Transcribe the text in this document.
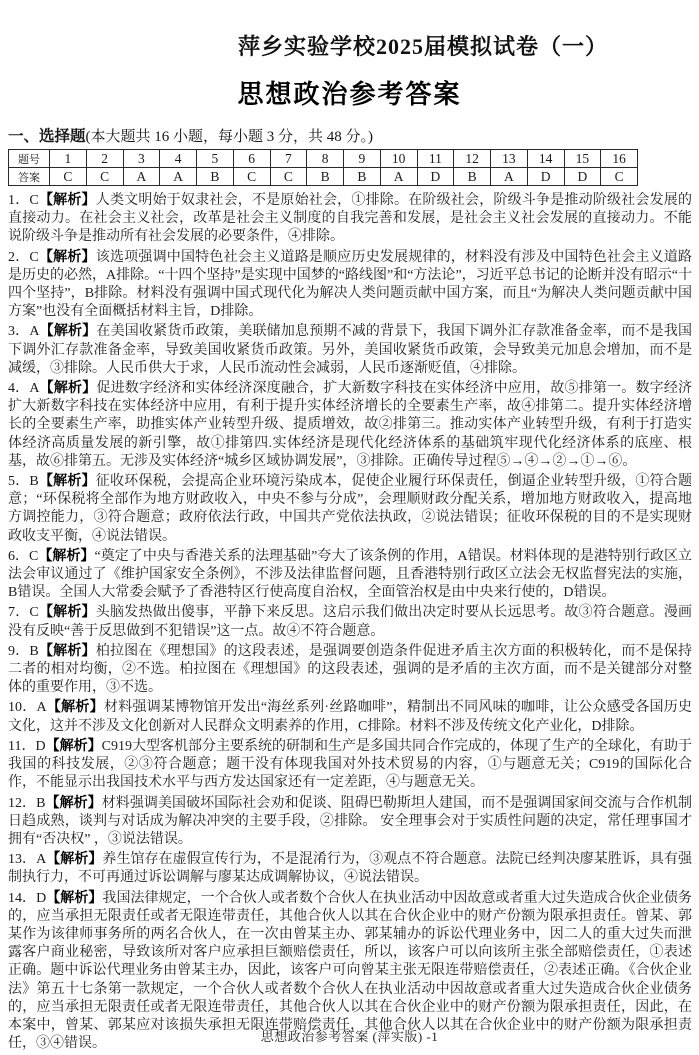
萍乡实验学校2025届模拟试卷（一）
思想政治参考答案
一、选择题(本大题共 16 小题，每小题 3 分，共 48 分。)
题号	1	2	3	4	5	6	7	8	9	10	11	12	13	14	15	16
答案	C	C	A	A	B	C	C	B	B	A	D	B	A	D	D	C

1．C【解析】人类文明始于奴隶社会，不是原始社会，①排除。在阶级社会，阶级斗争是推动阶级社会发展的直接动力。在社会主义社会，改革是社会主义制度的自我完善和发展，是社会主义社会发展的直接动力。不能说阶级斗争是推动所有社会发展的必要条件，④排除。

2．C【解析】该选项强调中国特色社会主义道路是顺应历史发展规律的，材料没有涉及中国特色社会主义道路是历史的必然，A排除。“十四个坚持”是实现中国梦的“路线图”和“方法论”，习近平总书记的论断并没有昭示“十四个坚持”，B排除。材料没有强调中国式现代化为解决人类问题贡献中国方案，而且“为解决人类问题贡献中国方案”也没有全面概括材料主旨，D排除。

3．A【解析】在美国收紧货币政策，美联储加息预期不减的背景下，我国下调外汇存款准备金率，而不是我国下调外汇存款准备金率，导致美国收紧货币政策。另外，美国收紧货币政策，会导致美元加息会增加，而不是减缓，③排除。人民币供大于求，人民币流动性会减弱，人民币逐渐贬值，④排除。

4．A【解析】促进数字经济和实体经济深度融合，扩大新数字科技在实体经济中应用，故⑤排第一。数字经济扩大新数字科技在实体经济中应用，有利于提升实体经济增长的全要素生产率，故④排第二。提升实体经济增长的全要素生产率，助推实体产业转型升级、提质增效，故②排第三。推动实体产业转型升级，有利于打造实体经济高质量发展的新引擎，故①排第四.实体经济是现代化经济体系的基础筑牢现代化经济体系的底座、根基，故⑥排第五。无涉及实体经济“城乡区域协调发展”，③排除。正确传导过程⑤→④→②→①→⑥。

5．B【解析】征收环保税，会提高企业环境污染成本，促使企业履行环保责任，倒逼企业转型升级，①符合题意；“环保税将全部作为地方财政收入，中央不参与分成”，会理顺财政分配关系，增加地方财政收入，提高地方调控能力，③符合题意；政府依法行政，中国共产党依法执政，②说法错误；征收环保税的目的不是实现财政收支平衡，④说法错误。

6．C【解析】“奠定了中央与香港关系的法理基础”夸大了该条例的作用，A错误。材料体现的是港特别行政区立法会审议通过了《维护国家安全条例》，不涉及法律监督问题，且香港特别行政区立法会无权监督宪法的实施，B错误。全国人大常委会赋予了香港特区行使高度自治权，全面管治权是由中央来行使的，D错误。

7．C【解析】头脑发热做出傻事，平静下来反思。这启示我们做出决定时要从长远思考。故③符合题意。漫画没有反映“善于反思做到不犯错误”这一点。故④不符合题意。

9．B【解析】柏拉图在《理想国》的这段表述，是强调要创造条件促进矛盾主次方面的积极转化，而不是保持二者的相对均衡，②不选。柏拉图在《理想国》的这段表述，强调的是矛盾的主次方面，而不是关键部分对整体的重要作用，③不选。

10．A【解析】材料强调某博物馆开发出“海丝系列·丝路咖啡”，精制出不同风味的咖啡，让公众感受各国历史文化，这并不涉及文化创新对人民群众文明素养的作用，C排除。材料不涉及传统文化产业化，D排除。

11．D【解析】C919大型客机部分主要系统的研制和生产是多国共同合作完成的，体现了生产的全球化，有助于我国的科技发展，②③符合题意；题干没有体现我国对外技术贸易的内容，①与题意无关；C919的国际化合作，不能显示出我国技术水平与西方发达国家还有一定差距，④与题意无关。

12．B【解析】材料强调美国破坏国际社会劝和促谈、阻碍巴勒斯坦人建国，而不是强调国家间交流与合作机制日趋成熟，谈判与对话成为解决冲突的主要手段，②排除。 安全理事会对于实质性问题的决定，常任理事国才拥有“否决权” ，③说法错误。

13．A【解析】养生馆存在虚假宣传行为，不是混淆行为，③观点不符合题意。法院已经判决廖某胜诉，具有强制执行力，不可再通过诉讼调解与廖某达成调解协议，④说法错误。

14．D【解析】我国法律规定，一个合伙人或者数个合伙人在执业活动中因故意或者重大过失造成合伙企业债务的，应当承担无限责任或者无限连带责任，其他合伙人以其在合伙企业中的财产份额为限承担责任。曾某、郭某作为该律师事务所的两名合伙人，在一次由曾某主办、郭某辅办的诉讼代理业务中，因二人的重大过失而泄露客户商业秘密，导致该所对客户应承担巨额赔偿责任，所以，该客户可以向该所主张全部赔偿责任，①表述正确。题中诉讼代理业务由曾某主办，因此，该客户可向曾某主张无限连带赔偿责任，②表述正确。《合伙企业法》第五十七条第一款规定，一个合伙人或者数个合伙人在执业活动中因故意或者重大过失造成合伙企业债务的，应当承担无限责任或者无限连带责任，其他合伙人以其在合伙企业中的财产份额为限承担责任，因此，在本案中，曾某、郭某应对该损失承担无限连带赔偿责任，其他合伙人以其在合伙企业中的财产份额为限承担责任，③④错误。	思想政治参考答案 (萍实版) -1
